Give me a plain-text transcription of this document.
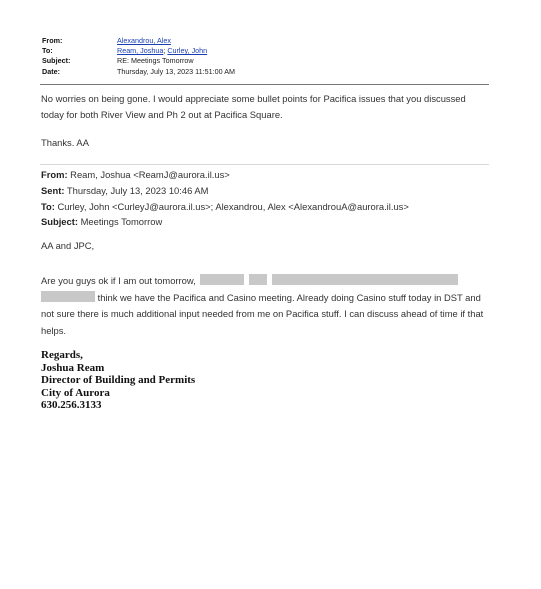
From:	Alexandrou, Alex
To:	Ream, Joshua; Curley, John
Subject:	RE: Meetings Tomorrow
Date:	Thursday, July 13, 2023 11:51:00 AM
No worries on being gone. I would appreciate some bullet points for Pacifica issues that you discussed today for both River View and Ph 2 out at Pacifica Square.
Thanks. AA
From: Ream, Joshua <ReamJ@aurora.il.us>
Sent: Thursday, July 13, 2023 10:46 AM
To: Curley, John <CurleyJ@aurora.il.us>; Alexandrou, Alex <AlexandrouA@aurora.il.us>
Subject: Meetings Tomorrow
AA and JPC,
Are you guys ok if I am out tomorrow,
think we have the Pacifica and Casino meeting. Already doing Casino stuff today in DST and not sure there is much additional input needed from me on Pacifica stuff. I can discuss ahead of time if that helps.
Regards,
Joshua Ream
Director of Building and Permits
City of Aurora
630.256.3133
